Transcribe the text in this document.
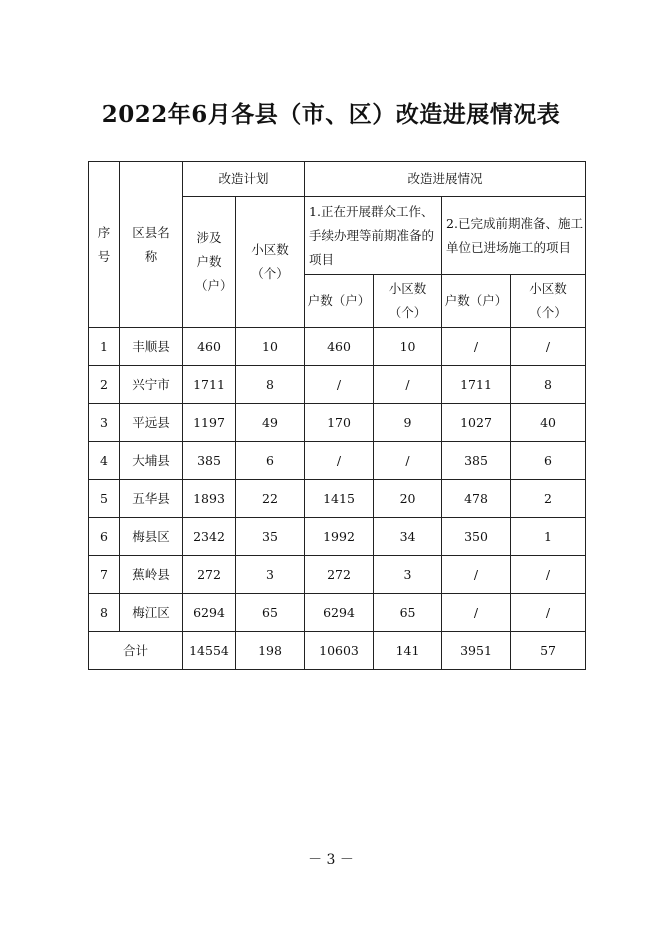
2022年6月各县（市、区）改造进展情况表
序号	区县名称	改造计划		改造进展情况			
		涉及户数（户）	小区数（个）	1.正在开展群众工作、手续办理等前期准备的项目		2.已完成前期准备、施工单位已进场施工的项目	
				户数（户）	小区数（个）	户数（户）	小区数（个）
1	丰顺县	460	10	460	10	/	/
2	兴宁市	1711	8	/	/	1711	8
3	平远县	1197	49	170	9	1027	40
4	大埔县	385	6	/	/	385	6
5	五华县	1893	22	1415	20	478	2
6	梅县区	2342	35	1992	34	350	1
7	蕉岭县	272	3	272	3	/	/
8	梅江区	6294	65	6294	65	/	/
合计		14554	198	10603	141	3951	57
－ 3 －
